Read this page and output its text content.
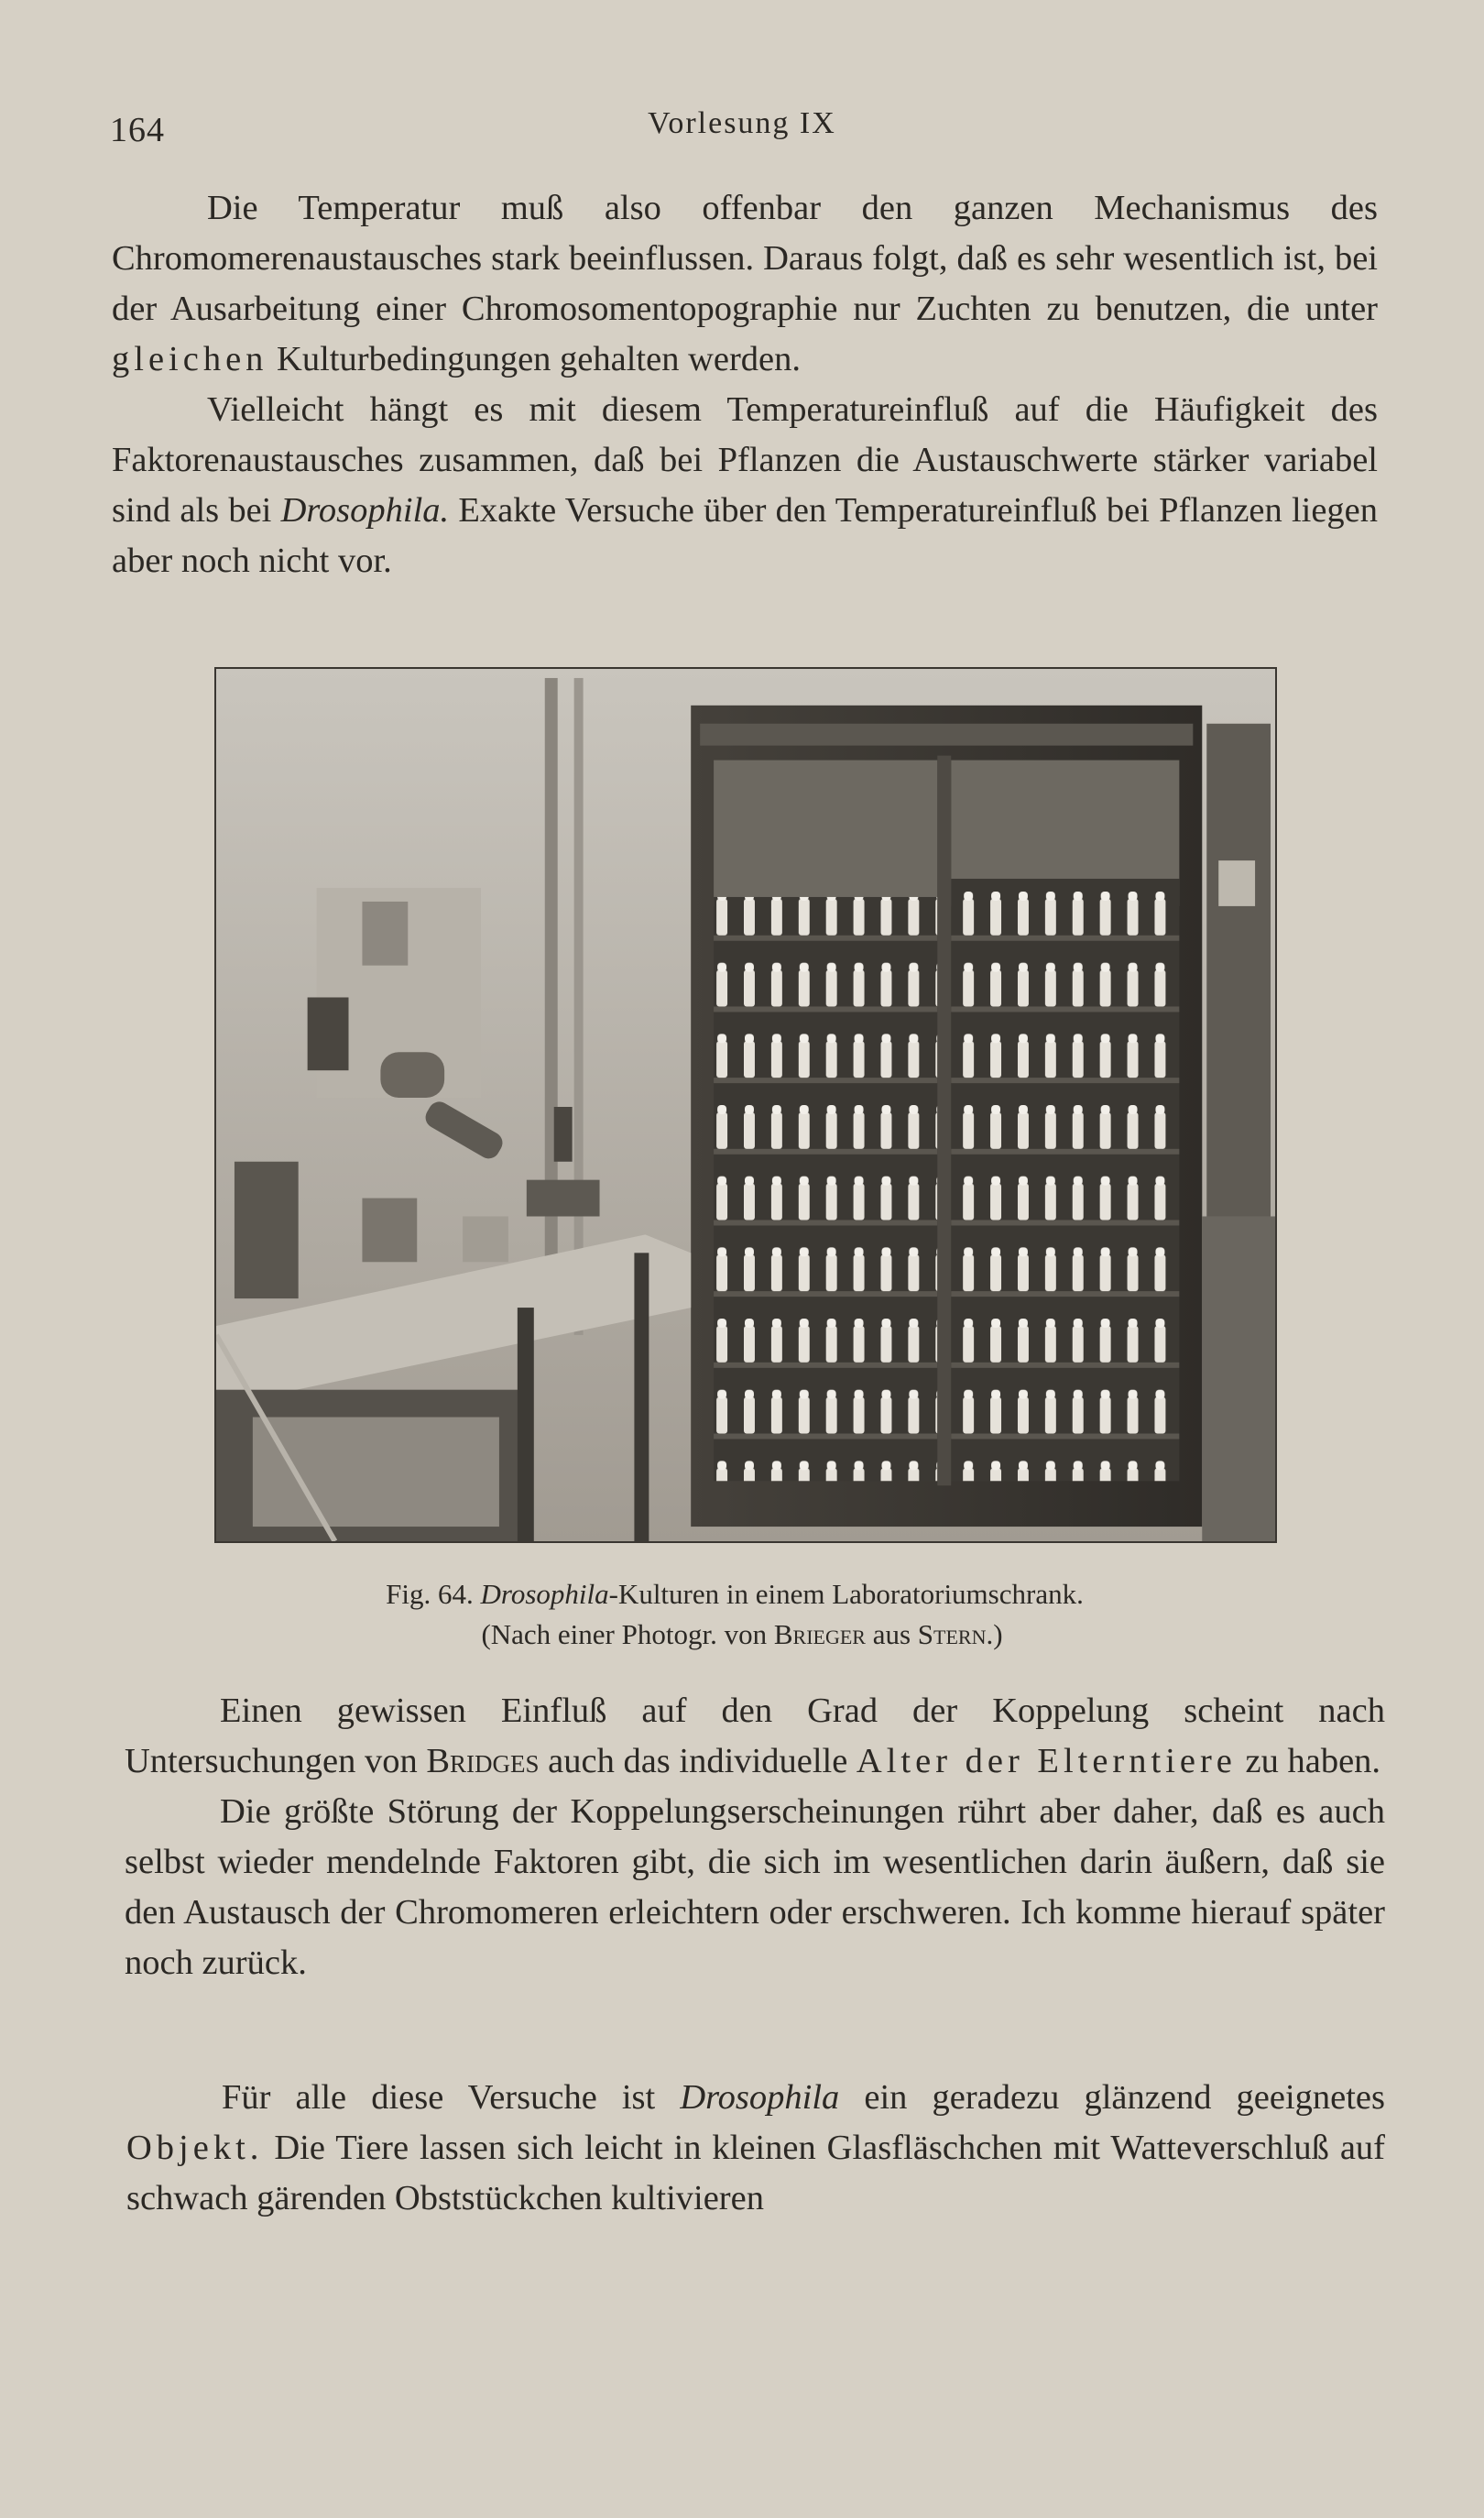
164	Vorlesung IX

Die Temperatur muß also offenbar den ganzen Mechanismus des Chromomerenaustausches stark beeinflussen. Daraus folgt, daß es sehr wesentlich ist, bei der Ausarbeitung einer Chromosomentopographie nur Zuchten zu benutzen, die unter gleichen Kulturbedingungen gehalten werden.

Vielleicht hängt es mit diesem Temperatureinfluß auf die Häufigkeit des Faktorenaustausches zusammen, daß bei Pflanzen die Austauschwerte stärker variabel sind als bei Drosophila. Exakte Versuche über den Temperatureinfluß bei Pflanzen liegen aber noch nicht vor.

Fig. 64. Drosophila-Kulturen in einem Laboratoriumschrank.
(Nach einer Photogr. von Brieger aus Stern.)

Einen gewissen Einfluß auf den Grad der Koppelung scheint nach Untersuchungen von Bridges auch das individuelle Alter der Elterntiere zu haben.

Die größte Störung der Koppelungserscheinungen rührt aber daher, daß es auch selbst wieder mendelnde Faktoren gibt, die sich im wesentlichen darin äußern, daß sie den Austausch der Chromomeren erleichtern oder erschweren. Ich komme hierauf später noch zurück.

Für alle diese Versuche ist Drosophila ein geradezu glänzend geeignetes Objekt. Die Tiere lassen sich leicht in kleinen Glasfläschchen mit Watteverschluß auf schwach gärenden Obststückchen kultivieren
